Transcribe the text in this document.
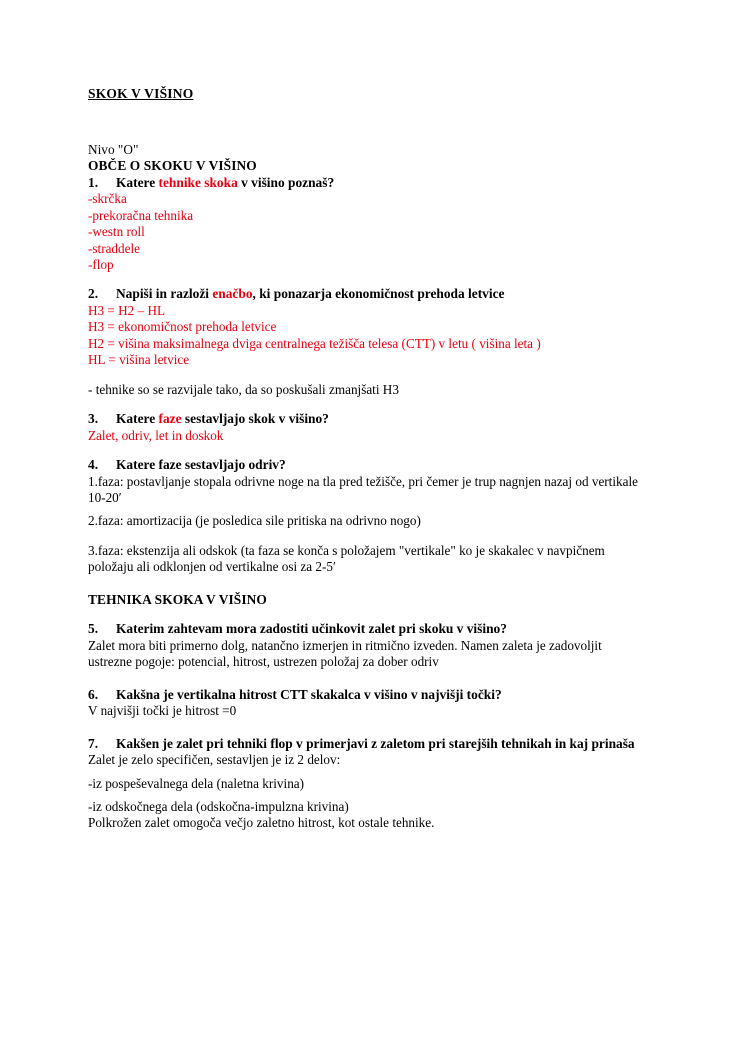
SKOK V VIŠINO

Nivo "O"

OBČE O SKOKU V VIŠINO

1. Katere tehnike skoka v višino poznaš?

-skrčka

-prekoračna tehnika

-westn roll

-straddele

-flop

2. Napiši in razloži enačbo, ki ponazarja ekonomičnost prehoda letvice

H3 = H2 – HL

H3 = ekonomičnost prehoda letvice

H2 = višina maksimalnega dviga centralnega težišča telesa (CTT) v letu ( višina leta )

HL = višina letvice

- tehnike so se razvijale tako, da so poskušali zmanjšati H3

3. Katere faze sestavljajo skok v višino?

Zalet, odriv, let in doskok

4. Katere faze sestavljajo odriv?

1.faza: postavljanje stopala odrivne noge na tla pred težišče, pri čemer je trup nagnjen nazaj od vertikale 10-20′

2.faza: amortizacija (je posledica sile pritiska na odrivno nogo)

3.faza: ekstenzija ali odskok (ta faza se konča s položajem "vertikale" ko je skakalec v navpičnem položaju ali odklonjen od vertikalne osi za 2-5′

TEHNIKA SKOKA V VIŠINO

5. Katerim zahtevam mora zadostiti učinkovit zalet pri skoku v višino?

Zalet mora biti primerno dolg, natančno izmerjen in ritmično izveden. Namen zaleta je zadovoljit ustrezne pogoje: potencial, hitrost, ustrezen položaj za dober odriv

6. Kakšna je vertikalna hitrost CTT skakalca v višino v najvišji točki?

V najvišji točki je hitrost =0

7. Kakšen je zalet pri tehniki flop v primerjavi z zaletom pri starejših tehnikah in kaj prinaša

Zalet je zelo specifičen, sestavljen je iz 2 delov:

-iz pospeševalnega dela (naletna krivina)

-iz odskočnega dela (odskočna-impulzna krivina)

Polkrožen zalet omogoča večjo zaletno hitrost, kot ostale tehnike.
